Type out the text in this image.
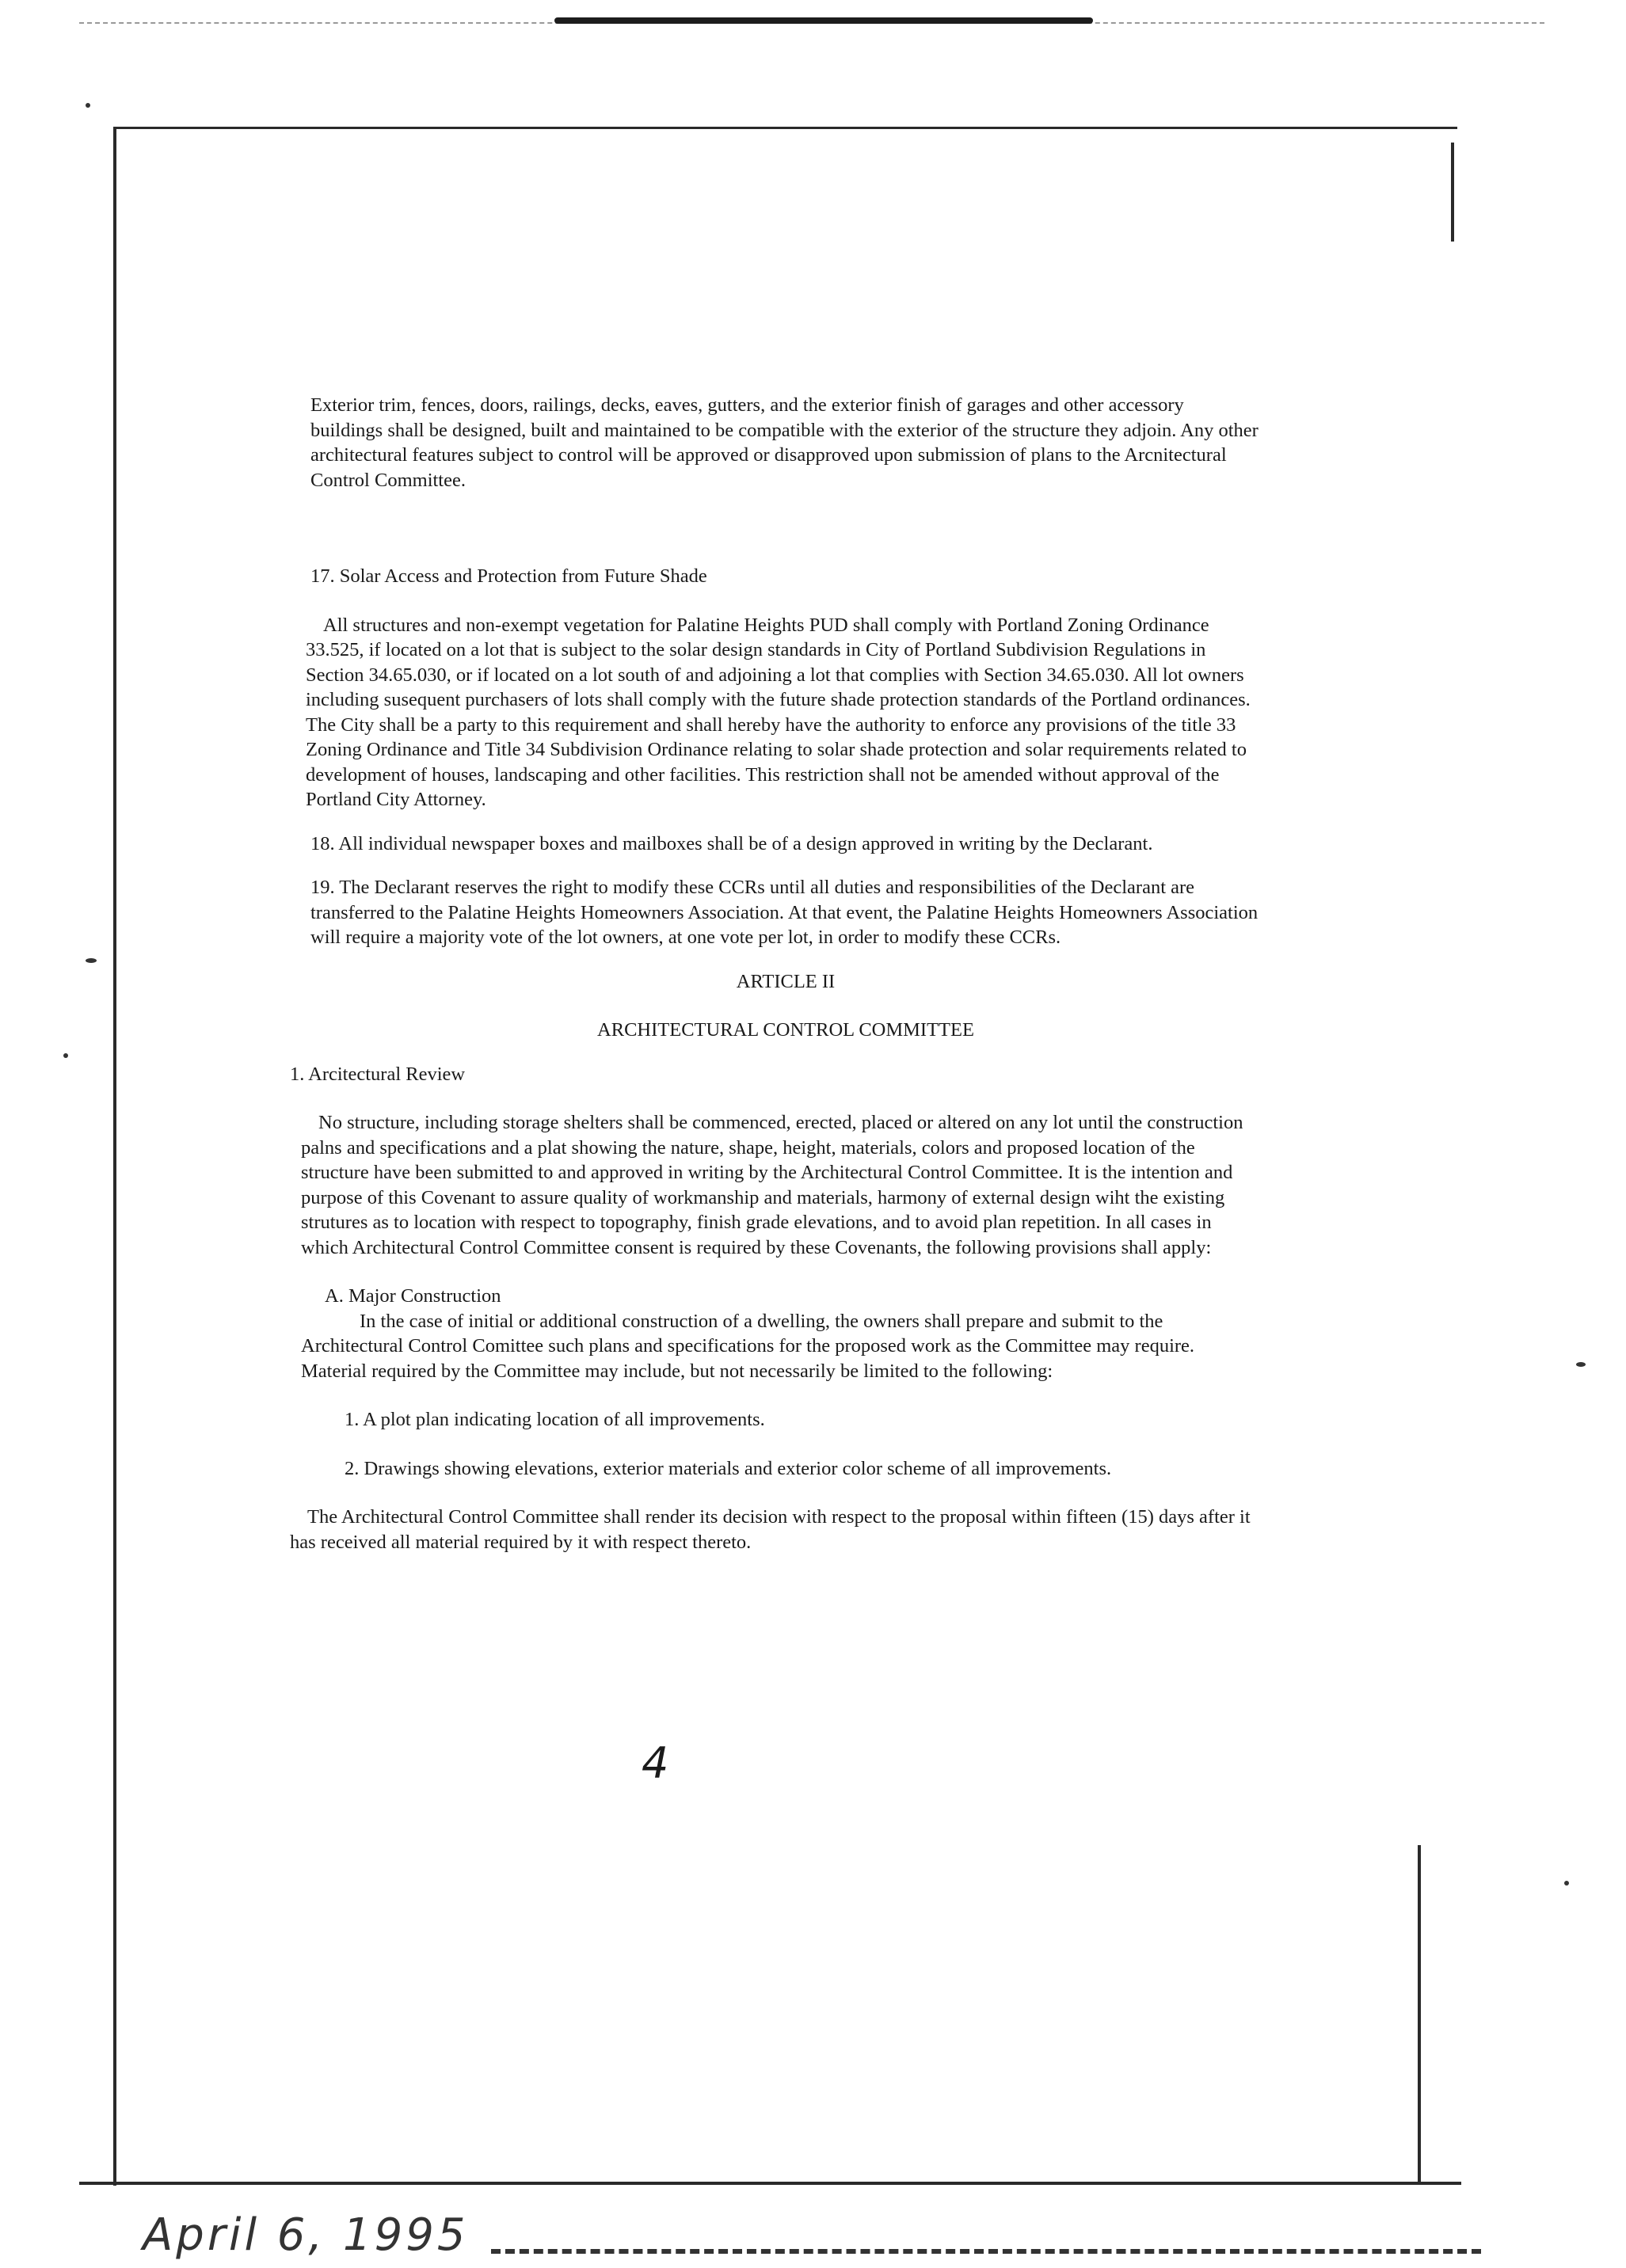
Exterior trim, fences, doors, railings, decks, eaves, gutters, and the exterior finish of garages and other accessory buildings shall be designed, built and maintained to be compatible with the exterior of the structure they adjoin. Any other architectural features subject to control will be approved or disapproved upon submission of plans to the Arcnitectural Control Committee.

17. Solar Access and Protection from Future Shade

All structures and non-exempt vegetation for Palatine Heights PUD shall comply with Portland Zoning Ordinance 33.525, if located on a lot that is subject to the solar design standards in City of Portland Subdivision Regulations in Section 34.65.030, or if located on a lot south of and adjoining a lot that complies with Section 34.65.030. All lot owners including susequent purchasers of lots shall comply with the future shade protection standards of the Portland ordinances. The City shall be a party to this requirement and shall hereby have the authority to enforce any provisions of the title 33 Zoning Ordinance and Title 34 Subdivision Ordinance relating to solar shade protection and solar requirements related to development of houses, landscaping and other facilities. This restriction shall not be amended without approval of the Portland City Attorney.

18. All individual newspaper boxes and mailboxes shall be of a design approved in writing by the Declarant.

19. The Declarant reserves the right to modify these CCRs until all duties and responsibilities of the Declarant are transferred to the Palatine Heights Homeowners Association. At that event, the Palatine Heights Homeowners Association will require a majority vote of the lot owners, at one vote per lot, in order to modify these CCRs.

ARTICLE II

ARCHITECTURAL CONTROL COMMITTEE

1. Arcitectural Review

No structure, including storage shelters shall be commenced, erected, placed or altered on any lot until the construction palns and specifications and a plat showing the nature, shape, height, materials, colors and proposed location of the structure have been submitted to and approved in writing by the Architectural Control Committee. It is the intention and purpose of this Covenant to assure quality of workmanship and materials, harmony of external design wiht the existing strutures as to location with respect to topography, finish grade elevations, and to avoid plan repetition. In all cases in which Architectural Control Committee consent is required by these Covenants, the following provisions shall apply:

A. Major Construction

In the case of initial or additional construction of a dwelling, the owners shall prepare and submit to the Architectural Control Comittee such plans and specifications for the proposed work as the Committee may require. Material required by the Committee may include, but not necessarily be limited to the following:

1. A plot plan indicating location of all improvements.

2. Drawings showing elevations, exterior materials and exterior color scheme of all improvements.

The Architectural Control Committee shall render its decision with respect to the proposal within fifteen (15) days after it has received all material required by it with respect thereto.

4
April 6, 1995
